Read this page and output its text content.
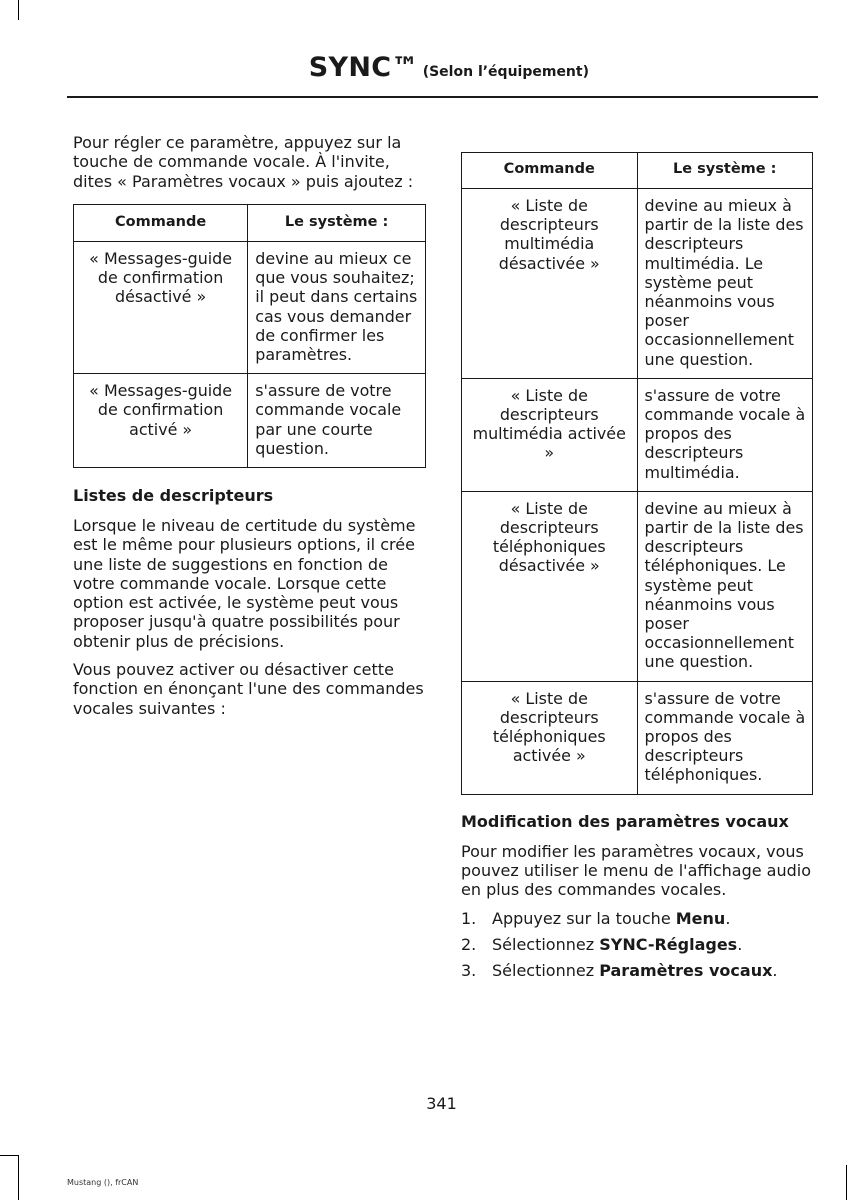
SYNC™ (Selon l’équipement)

Pour régler ce paramètre, appuyez sur la touche de commande vocale. À l'invite, dites « Paramètres vocaux » puis ajoutez :

Commande	Le système :
« Messages-guide de confirmation désactivé »	devine au mieux ce que vous souhaitez; il peut dans certains cas vous demander de confirmer les paramètres.
« Messages-guide de confirmation activé »	s'assure de votre commande vocale par une courte question.
Listes de descripteurs

Lorsque le niveau de certitude du système est le même pour plusieurs options, il crée une liste de suggestions en fonction de votre commande vocale. Lorsque cette option est activée, le système peut vous proposer jusqu'à quatre possibilités pour obtenir plus de précisions.

Vous pouvez activer ou désactiver cette fonction en énonçant l'une des commandes vocales suivantes :

Commande	Le système :
« Liste de descripteurs multimédia désactivée »	devine au mieux à partir de la liste des descripteurs multimédia. Le système peut néanmoins vous poser occasionnellement une question.
« Liste de descripteurs multimédia activée »	s'assure de votre commande vocale à propos des descripteurs multimédia.
« Liste de descripteurs téléphoniques désactivée »	devine au mieux à partir de la liste des descripteurs téléphoniques. Le système peut néanmoins vous poser occasionnellement une question.
« Liste de descripteurs téléphoniques activée »	s'assure de votre commande vocale à propos des descripteurs téléphoniques.
Modification des paramètres vocaux

Pour modifier les paramètres vocaux, vous pouvez utiliser le menu de l'affichage audio en plus des commandes vocales.

1. Appuyez sur la touche Menu.
2. Sélectionnez SYNC-Réglages.
3. Sélectionnez Paramètres vocaux.
341
Mustang (), frCAN
